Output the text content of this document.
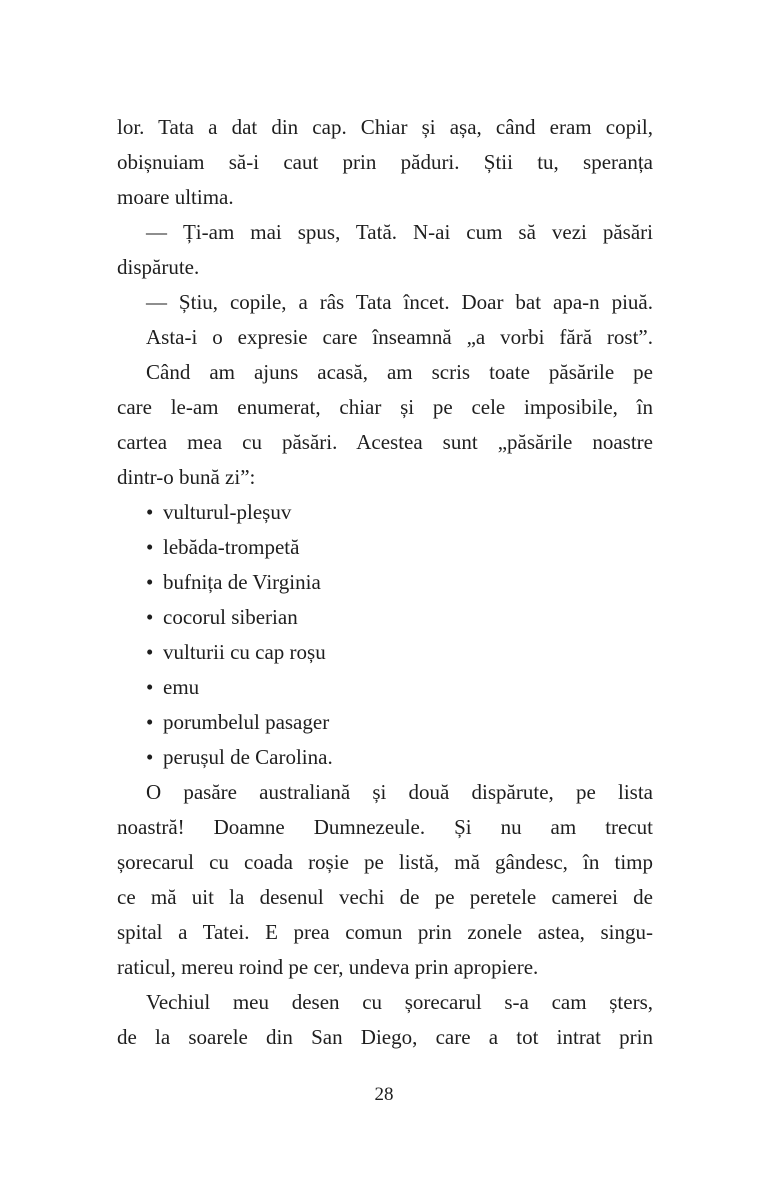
lor. Tata a dat din cap. Chiar și așa, când eram copil,
obișnuiam să-i caut prin păduri. Știi tu, speranța
moare ultima.
— Ți-am mai spus, Tată. N-ai cum să vezi păsări
dispărute.
— Știu, copile, a râs Tata încet. Doar bat apa-n piuă.
Asta-i o expresie care înseamnă „a vorbi fără rost”.
Când am ajuns acasă, am scris toate păsările pe
care le-am enumerat, chiar și pe cele imposibile, în
cartea mea cu păsări. Acestea sunt „păsările noastre
dintr-o bună zi”:
• vulturul-pleșuv
• lebăda-trompetă
• bufnița de Virginia
• cocorul siberian
• vulturii cu cap roșu
• emu
• porumbelul pasager
• perușul de Carolina.
O pasăre australiană și două dispărute, pe lista
noastră! Doamne Dumnezeule. Și nu am trecut
șorecarul cu coada roșie pe listă, mă gândesc, în timp
ce mă uit la desenul vechi de pe peretele camerei de
spital a Tatei. E prea comun prin zonele astea, singu-
raticul, mereu roind pe cer, undeva prin apropiere.
Vechiul meu desen cu șorecarul s-a cam șters,
de la soarele din San Diego, care a tot intrat prin
28
